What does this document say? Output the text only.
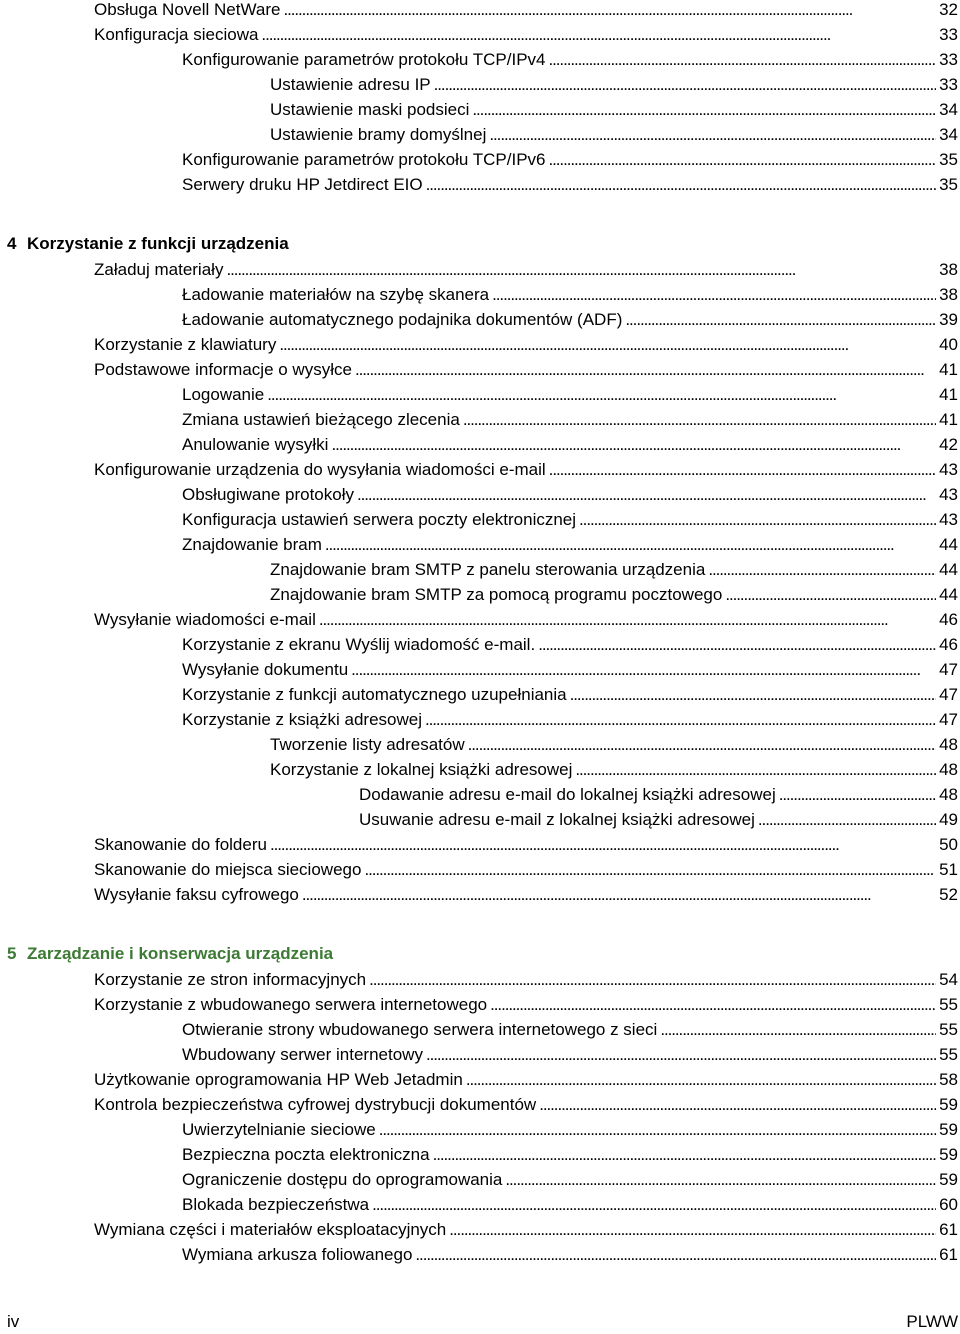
Obsługa Novell NetWare . . .	32
Konfiguracja sieciowa . . .	33
Konfigurowanie parametrów protokołu TCP/IPv4 . . .	33
Ustawienie adresu IP . . .	33
Ustawienie maski podsieci . . .	34
Ustawienie bramy domyślnej . . .	34
Konfigurowanie parametrów protokołu TCP/IPv6 . . .	35
Serwery druku HP Jetdirect EIO . . .	35
4 Korzystanie z funkcji urządzenia
Załaduj materiały . . .	38
Ładowanie materiałów na szybę skanera . . .	38
Ładowanie automatycznego podajnika dokumentów (ADF) . . .	39
Korzystanie z klawiatury . . .	40
Podstawowe informacje o wysyłce . . .	41
Logowanie . . .	41
Zmiana ustawień bieżącego zlecenia . . .	41
Anulowanie wysyłki . . .	42
Konfigurowanie urządzenia do wysyłania wiadomości e-mail . . .	43
Obsługiwane protokoły . . .	43
Konfiguracja ustawień serwera poczty elektronicznej . . .	43
Znajdowanie bram . . .	44
Znajdowanie bram SMTP z panelu sterowania urządzenia . . .	44
Znajdowanie bram SMTP za pomocą programu pocztowego . . .	44
Wysyłanie wiadomości e-mail . . .	46
Korzystanie z ekranu Wyślij wiadomość e-mail. . . .	46
Wysyłanie dokumentu . . .	47
Korzystanie z funkcji automatycznego uzupełniania . . .	47
Korzystanie z książki adresowej . . .	47
Tworzenie listy adresatów . . .	48
Korzystanie z lokalnej książki adresowej . . .	48
Dodawanie adresu e-mail do lokalnej książki adresowej . . .	48
Usuwanie adresu e-mail z lokalnej książki adresowej . . .	49
Skanowanie do folderu . . .	50
Skanowanie do miejsca sieciowego . . .	51
Wysyłanie faksu cyfrowego . . .	52
5 Zarządzanie i konserwacja urządzenia
Korzystanie ze stron informacyjnych . . .	54
Korzystanie z wbudowanego serwera internetowego . . .	55
Otwieranie strony wbudowanego serwera internetowego z sieci . . .	55
Wbudowany serwer internetowy . . .	55
Użytkowanie oprogramowania HP Web Jetadmin . . .	58
Kontrola bezpieczeństwa cyfrowej dystrybucji dokumentów . . .	59
Uwierzytelnianie sieciowe . . .	59
Bezpieczna poczta elektroniczna . . .	59
Ograniczenie dostępu do oprogramowania . . .	59
Blokada bezpieczeństwa . . .	60
Wymiana części i materiałów eksploatacyjnych . . .	61
Wymiana arkusza foliowanego . . .	61
iv	PLWW
